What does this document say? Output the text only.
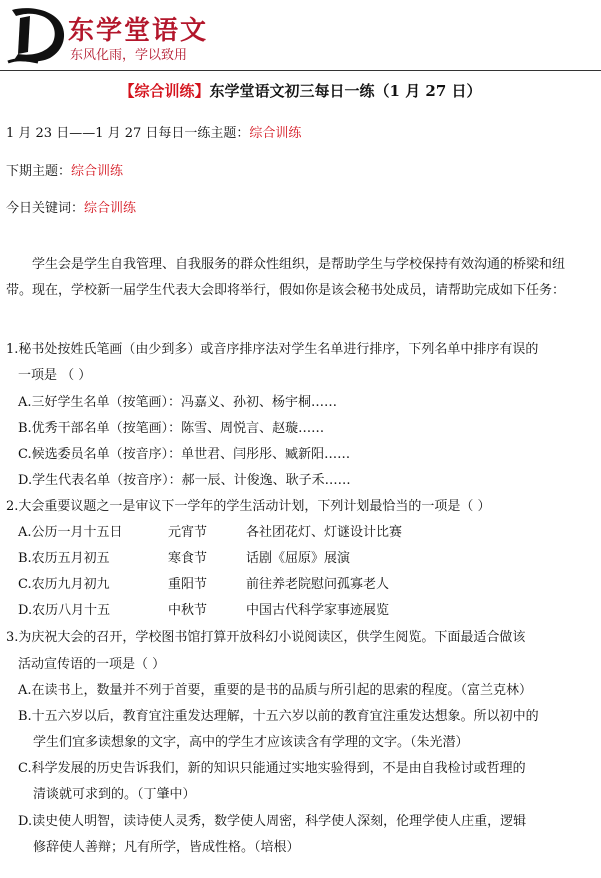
东学堂语文
东风化雨，学以致用
【综合训练】东学堂语文初三每日一练（1 月 27 日）
1 月 23 日——1 月 27 日每日一练主题：综合训练
下期主题：综合训练
今日关键词：综合训练
学生会是学生自我管理、自我服务的群众性组织，是帮助学生与学校保持有效沟通的桥梁和纽带。现在，学校新一届学生代表大会即将举行，假如你是该会秘书处成员，请帮助完成如下任务：
1.秘书处按姓氏笔画（由少到多）或音序排序法对学生名单进行排序，下列名单中排序有误的
一项是 （ ）
A.三好学生名单（按笔画）：冯嘉义、孙初、杨宇桐……
B.优秀干部名单（按笔画）：陈雪、周悦言、赵璇……
C.候选委员名单（按音序）：单世君、闫彤彤、臧新阳……
D.学生代表名单（按音序）：郝一辰、计俊逸、耿子禾……
2.大会重要议题之一是审议下一学年的学生活动计划，下列计划最恰当的一项是（ ）
A.公历一月十五日	元宵节	各社团花灯、灯谜设计比赛
B.农历五月初五	寒食节	话剧《屈原》展演
C.农历九月初九	重阳节	前往养老院慰问孤寡老人
D.农历八月十五	中秋节	中国古代科学家事迹展览
3.为庆祝大会的召开，学校图书馆打算开放科幻小说阅读区，供学生阅览。下面最适合做该
活动宣传语的一项是（ ）
A.在读书上，数量并不列于首要，重要的是书的品质与所引起的思索的程度。（富兰克林）
B.十五六岁以后，教育宜注重发达理解，十五六岁以前的教育宜注重发达想象。所以初中的
学生们宜多读想象的文字，高中的学生才应该读含有学理的文字。（朱光潜）
C.科学发展的历史告诉我们，新的知识只能通过实地实验得到，不是由自我检讨或哲理的
清谈就可求到的。（丁肇中）
D.读史使人明智，读诗使人灵秀，数学使人周密，科学使人深刻，伦理学使人庄重，逻辑
修辞使人善辩；凡有所学，皆成性格。（培根）
